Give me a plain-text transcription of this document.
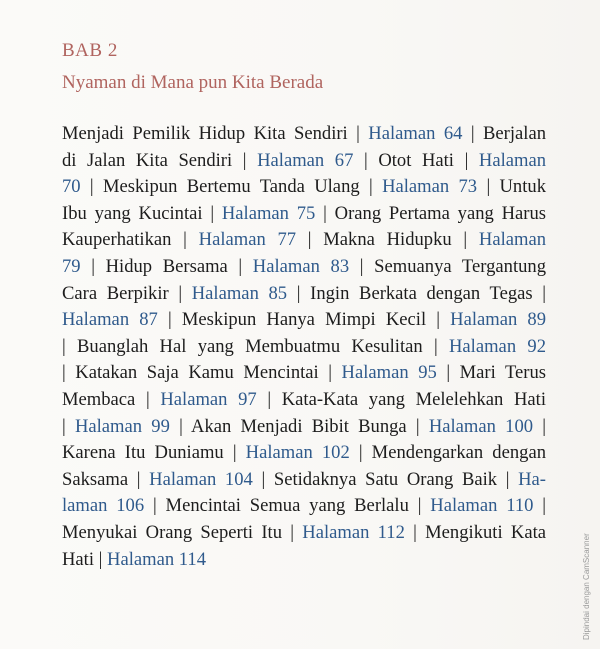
BAB 2
Nyaman di Mana pun Kita Berada
Menjadi Pemilik Hidup Kita Sendiri | Halaman 64 | Berjalan
di Jalan Kita Sendiri | Halaman 67 | Otot Hati | Halaman
70 | Meskipun Bertemu Tanda Ulang | Halaman 73 | Untuk
Ibu yang Kucintai | Halaman 75 | Orang Pertama yang Harus
Kauperhatikan | Halaman 77 | Makna Hidupku | Halaman
79 | Hidup Bersama | Halaman 83 | Semuanya Tergantung
Cara Berpikir | Halaman 85 | Ingin Berkata dengan Tegas |
Halaman 87 | Meskipun Hanya Mimpi Kecil | Halaman 89
| Buanglah Hal yang Membuatmu Kesulitan | Halaman 92
| Katakan Saja Kamu Mencintai | Halaman 95 | Mari Terus
Membaca | Halaman 97 | Kata-Kata yang Melelehkan Hati
| Halaman 99 | Akan Menjadi Bibit Bunga | Halaman 100 |
Karena Itu Duniamu | Halaman 102 | Mendengarkan dengan
Saksama | Halaman 104 | Setidaknya Satu Orang Baik | Ha-
laman 106 | Mencintai Semua yang Berlalu | Halaman 110 |
Menyukai Orang Seperti Itu | Halaman 112 | Mengikuti Kata
Hati | Halaman 114	Dipindai dengan CamScanner
